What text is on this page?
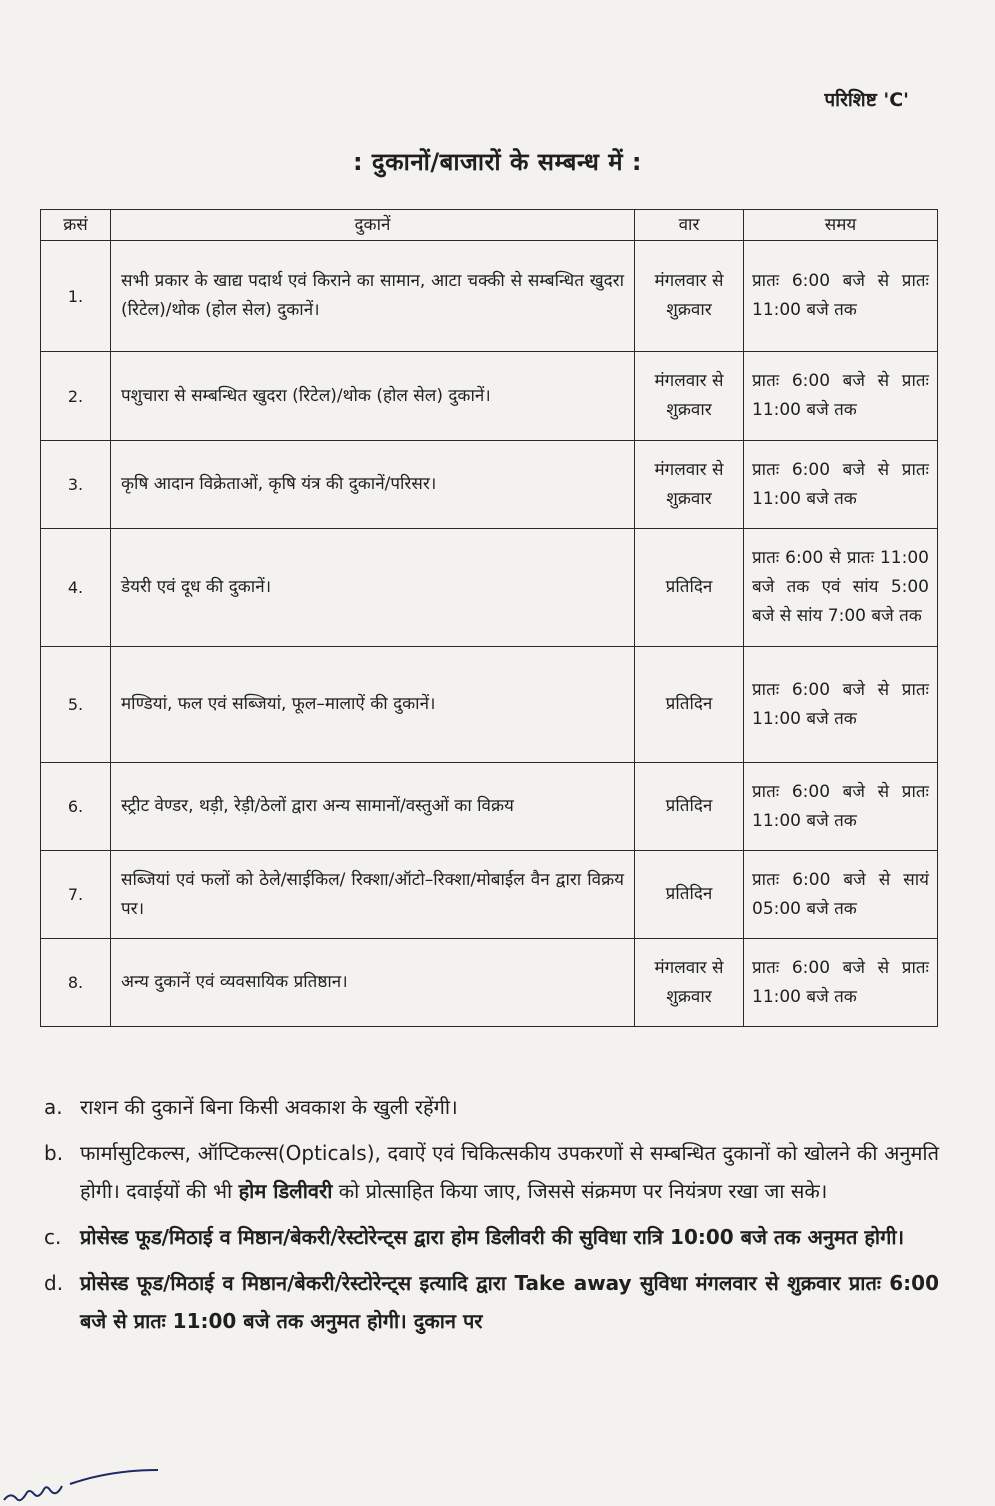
परिशिष्ट 'C'
: दुकानों/बाजारों के सम्बन्ध में :
क्रसं	दुकानें	वार	समय
1.	सभी प्रकार के खाद्य पदार्थ एवं किराने का सामान, आटा चक्की से सम्बन्धित खुदरा (रिटेल)/थोक (होल सेल) दुकानें।	मंगलवार से शुक्रवार	प्रातः 6:00 बजे से प्रातः 11:00 बजे तक
2.	पशुचारा से सम्बन्धित खुदरा (रिटेल)/थोक (होल सेल) दुकानें।	मंगलवार से शुक्रवार	प्रातः 6:00 बजे से प्रातः 11:00 बजे तक
3.	कृषि आदान विक्रेताओं, कृषि यंत्र की दुकानें/परिसर।	मंगलवार से शुक्रवार	प्रातः 6:00 बजे से प्रातः 11:00 बजे तक
4.	डेयरी एवं दूध की दुकानें।	प्रतिदिन	प्रातः 6:00 से प्रातः 11:00 बजे तक एवं सांय 5:00 बजे से सांय 7:00 बजे तक
5.	मण्डियां, फल एवं सब्जियां, फूल–मालाऐं की दुकानें।	प्रतिदिन	प्रातः 6:00 बजे से प्रातः 11:00 बजे तक
6.	स्ट्रीट वेण्डर, थड़ी, रेड़ी/ठेलों द्वारा अन्य सामानों/वस्तुओं का विक्रय	प्रतिदिन	प्रातः 6:00 बजे से प्रातः 11:00 बजे तक
7.	सब्जियां एवं फलों को ठेले/साईकिल/ रिक्शा/ऑटो–रिक्शा/मोबाईल वैन द्वारा विक्रय पर।	प्रतिदिन	प्रातः 6:00 बजे से सायं 05:00 बजे तक
8.	अन्य दुकानें एवं व्यवसायिक प्रतिष्ठान।	मंगलवार से शुक्रवार	प्रातः 6:00 बजे से प्रातः 11:00 बजे तक
a. राशन की दुकानें बिना किसी अवकाश के खुली रहेंगी।
b. फार्मासुटिकल्स, ऑप्टिकल्स(Opticals), दवाऐं एवं चिकित्सकीय उपकरणों से सम्बन्धित दुकानों को खोलने की अनुमति होगी। दवाईयों की भी होम डिलीवरी को प्रोत्साहित किया जाए, जिससे संक्रमण पर नियंत्रण रखा जा सके।
c. प्रोसेस्ड फूड/मिठाई व मिष्ठान/बेकरी/रेस्टोरेन्ट्स द्वारा होम डिलीवरी की सुविधा रात्रि 10:00 बजे तक अनुमत होगी।
d. प्रोसेस्ड फूड/मिठाई व मिष्ठान/बेकरी/रेस्टोरेन्ट्स इत्यादि द्वारा Take away सुविधा मंगलवार से शुक्रवार प्रातः 6:00 बजे से प्रातः 11:00 बजे तक अनुमत होगी। दुकान पर
